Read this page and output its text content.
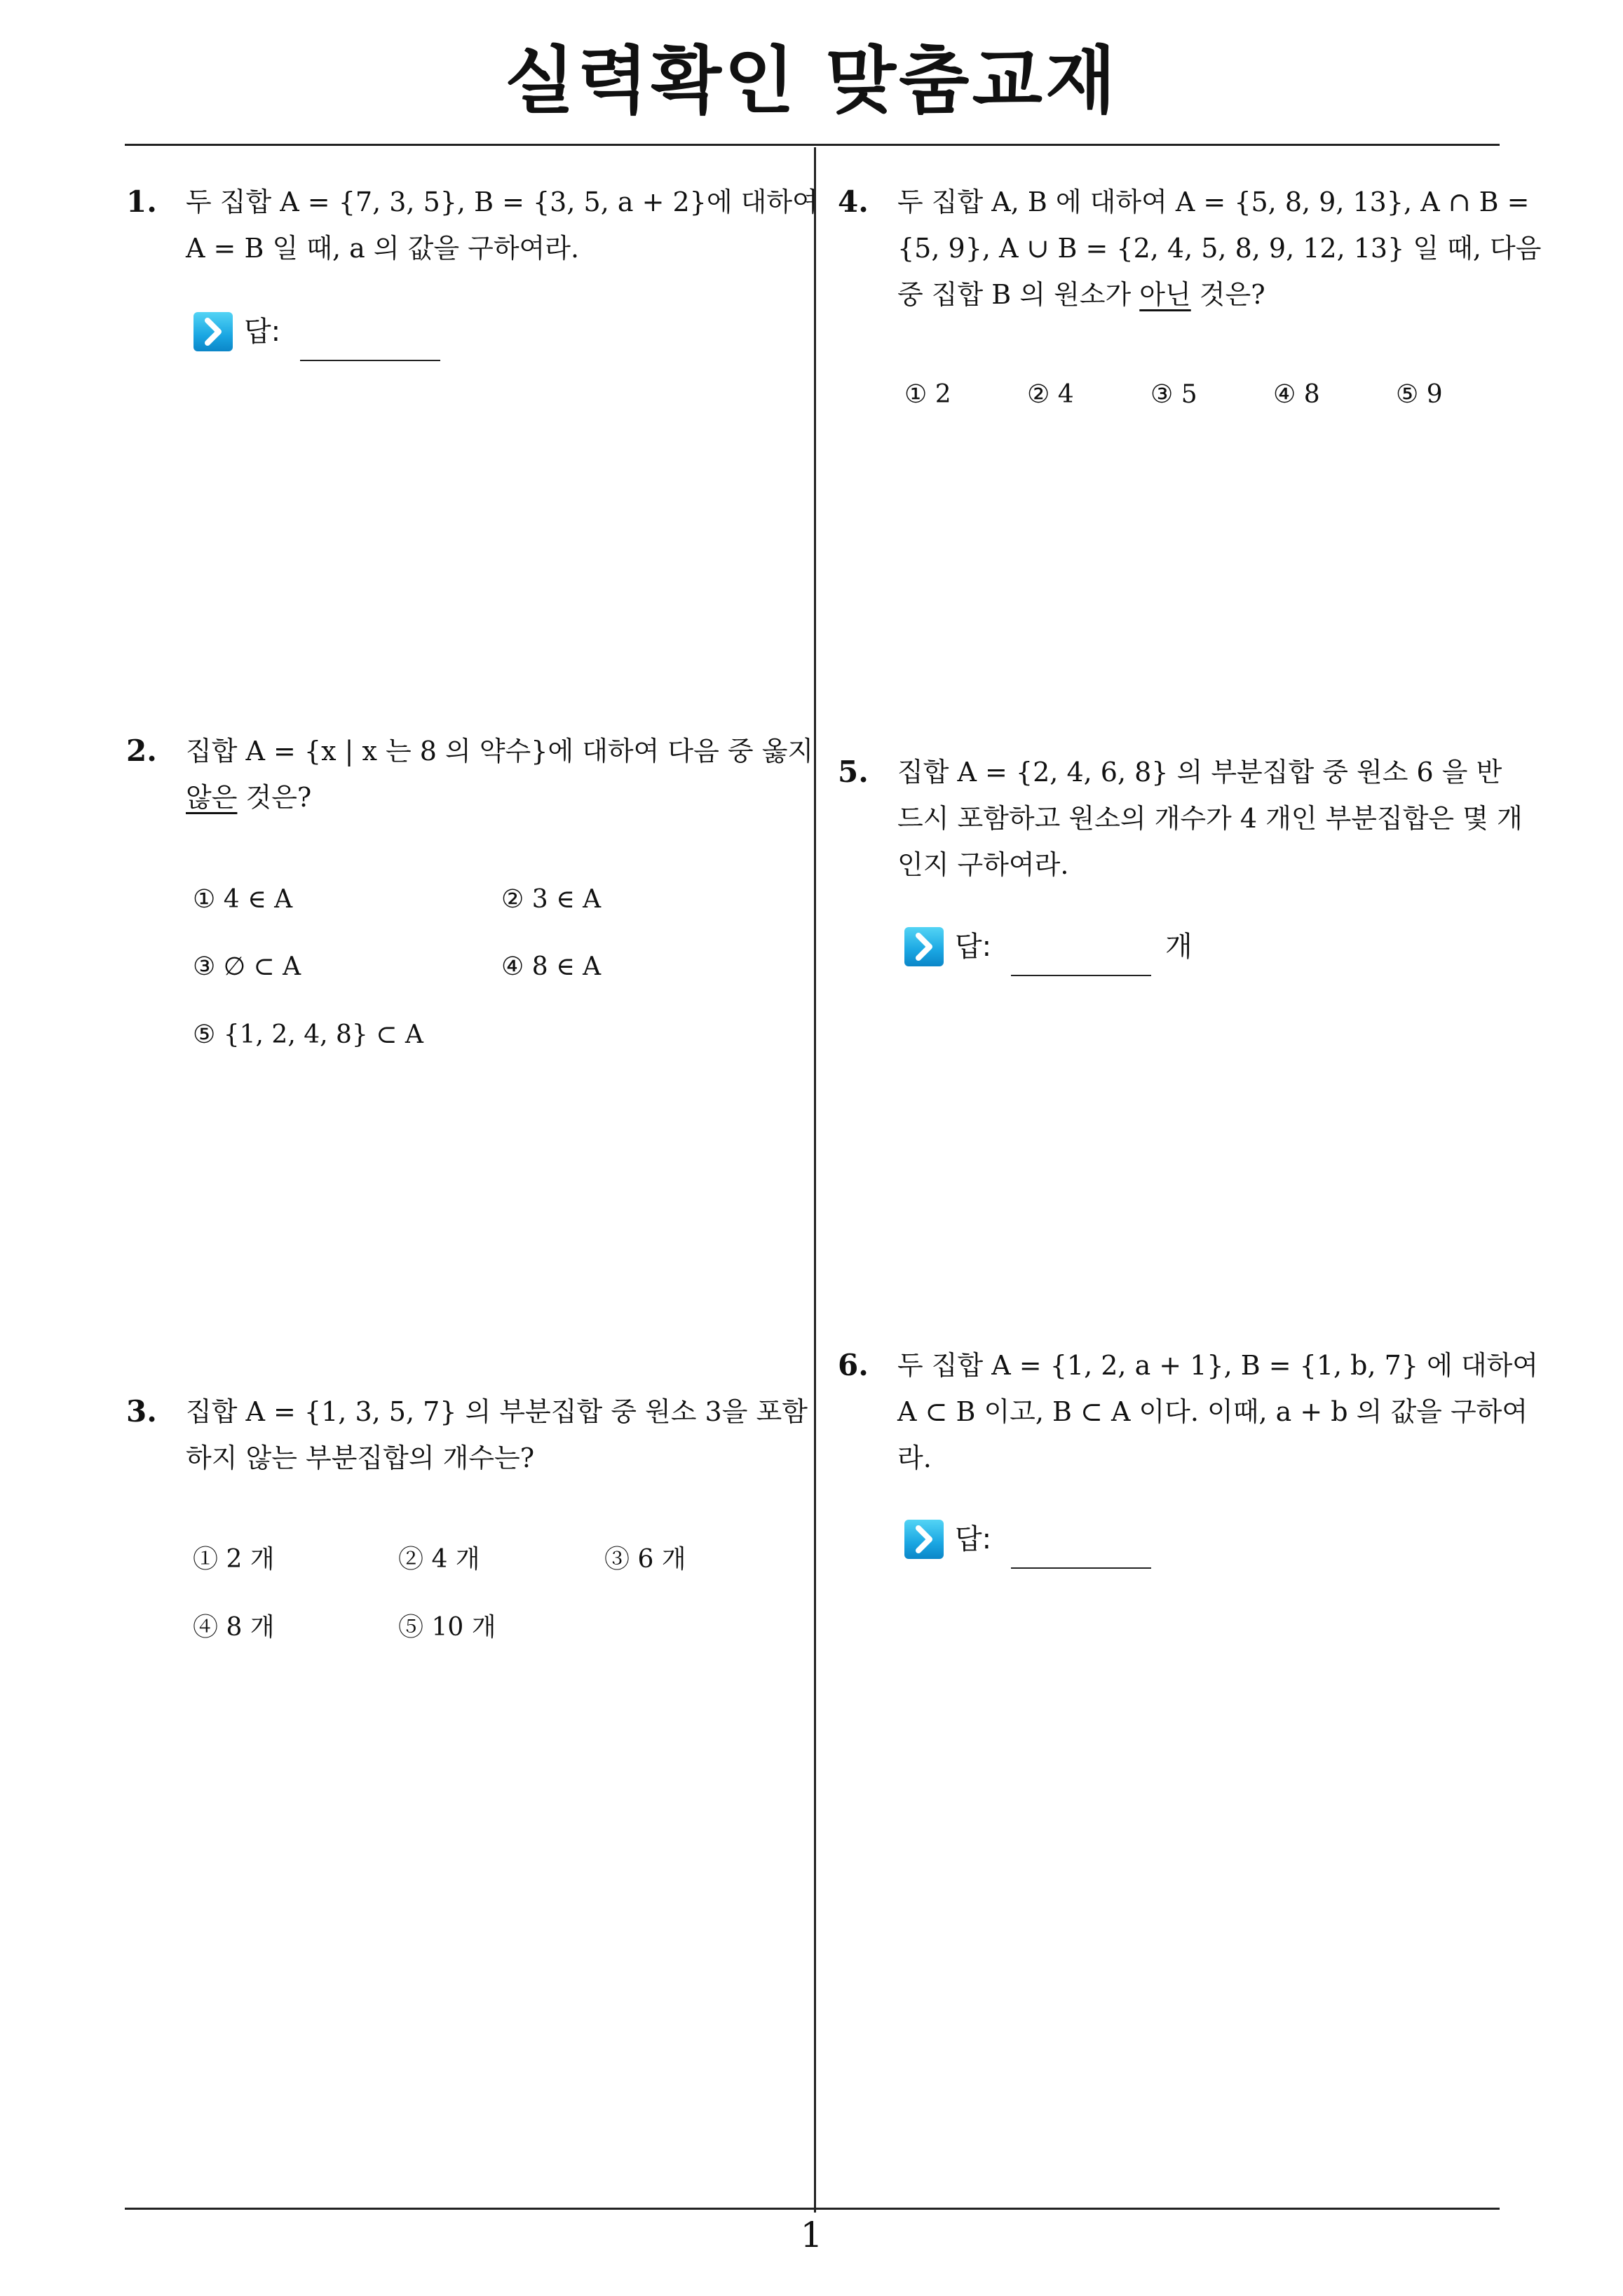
실력확인 맞춤교재
1. 두 집합 A = {7, 3, 5}, B = {3, 5, a + 2}에 대하여
A = B 일 때, a 의 값을 구하여라.
답:
2. 집합 A = {x | x 는 8 의 약수}에 대하여 다음 중 옳지
않은 것은?
① 4 ∈ A	② 3 ∈ A
③ ∅ ⊂ A	④ 8 ∈ A
⑤ {1, 2, 4, 8} ⊂ A
3. 집합 A = {1, 3, 5, 7} 의 부분집합 중 원소 3을 포함
하지 않는 부분집합의 개수는?
① 2 개	② 4 개	③ 6 개
④ 8 개	⑤ 10 개
4. 두 집합 A, B 에 대하여 A = {5, 8, 9, 13}, A ∩ B =
{5, 9}, A ∪ B = {2, 4, 5, 8, 9, 12, 13} 일 때, 다음
중 집합 B 의 원소가 아닌 것은?
① 2	② 4	③ 5	④ 8	⑤ 9
5. 집합 A = {2, 4, 6, 8} 의 부분집합 중 원소 6 을 반
드시 포함하고 원소의 개수가 4 개인 부분집합은 몇 개
인지 구하여라.
답:	개
6. 두 집합 A = {1, 2, a + 1}, B = {1, b, 7} 에 대하여
A ⊂ B 이고, B ⊂ A 이다. 이때, a + b 의 값을 구하여
라.
답:
1
